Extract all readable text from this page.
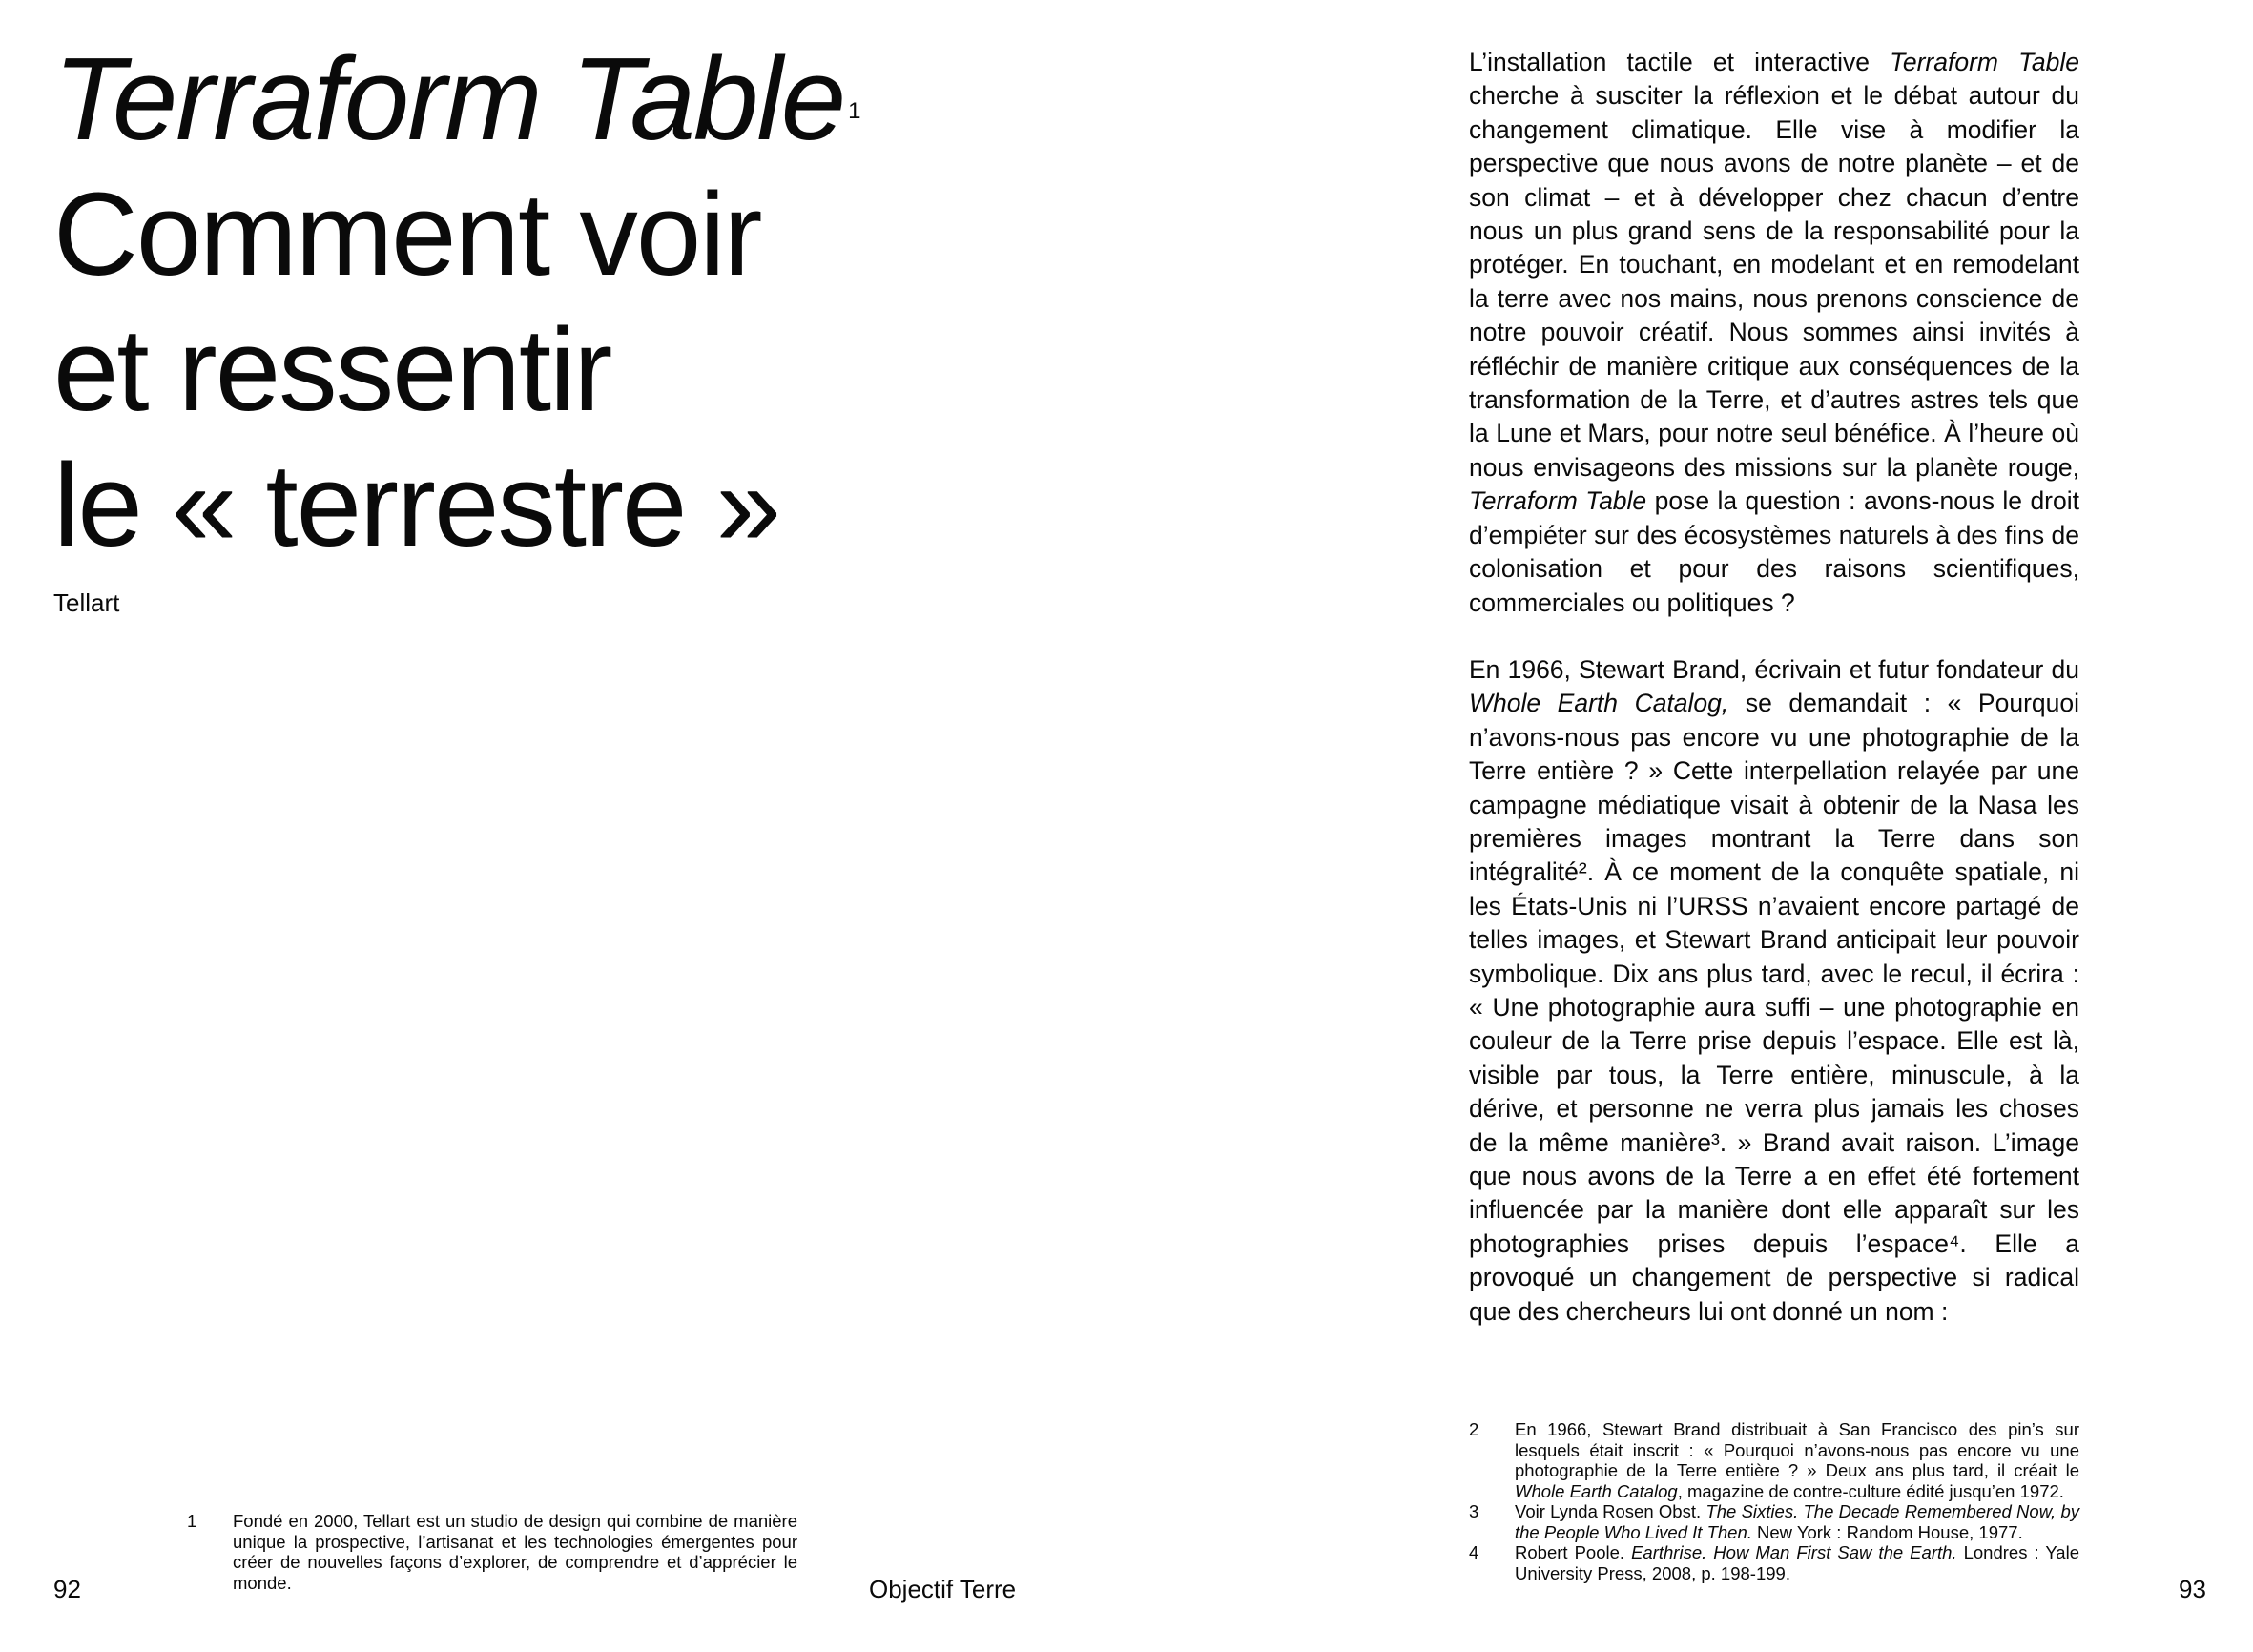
Terraform Table $^1$
Comment voir
et ressentir
le « terrestre »
Tellart
1	Fondé en 2000, Tellart est un studio de design qui combine de manière unique la prospective, l’artisanat et les technologies émergentes pour créer de nouvelles façons d’explorer, de comprendre et d’apprécier le monde.
92	Objectif Terre

L’installation tactile et interactive Terraform Table cherche à susciter la réflexion et le débat autour du changement climatique. Elle vise à modifier la perspective que nous avons de notre planète – et de son climat – et à développer chez chacun d’entre nous un plus grand sens de la responsabilité pour la protéger. En touchant, en modelant et en remodelant la terre avec nos mains, nous prenons conscience de notre pouvoir créatif. Nous sommes ainsi invités à réfléchir de manière critique aux conséquences de la transformation de la Terre, et d’autres astres tels que la Lune et Mars, pour notre seul bénéfice. À l’heure où nous envisageons des missions sur la planète rouge, Terraform Table pose la question : avons-nous le droit d’empiéter sur des écosystèmes naturels à des fins de colonisation et pour des raisons scientifiques, commerciales ou politiques ?

En 1966, Stewart Brand, écrivain et futur fondateur du Whole Earth Catalog, se demandait : « Pourquoi n’avons-nous pas encore vu une photographie de la Terre entière ? » Cette interpellation relayée par une campagne médiatique visait à obtenir de la Nasa les premières images montrant la Terre dans son intégralité². À ce moment de la conquête spatiale, ni les États-Unis ni l’URSS n’avaient encore partagé de telles images, et Stewart Brand anticipait leur pouvoir symbolique. Dix ans plus tard, avec le recul, il écrira : « Une photographie aura suffi – une photographie en couleur de la Terre prise depuis l’espace. Elle est là, visible par tous, la Terre entière, minuscule, à la dérive, et personne ne verra plus jamais les choses de la même manière³. » Brand avait raison. L’image que nous avons de la Terre a en effet été fortement influencée par la manière dont elle apparaît sur les photographies prises depuis l’espace⁴. Elle a provoqué un changement de perspective si radical que des chercheurs lui ont donné un nom :

2	En 1966, Stewart Brand distribuait à San Francisco des pin’s sur lesquels était inscrit : « Pourquoi n’avons-nous pas encore vu une photographie de la Terre entière ? » Deux ans plus tard, il créait le Whole Earth Catalog, magazine de contre-culture édité jusqu’en 1972.
3	Voir Lynda Rosen Obst. The Sixties. The Decade Remembered Now, by the People Who Lived It Then. New York : Random House, 1977.
4	Robert Poole. Earthrise. How Man First Saw the Earth. Londres : Yale University Press, 2008, p. 198-199.
93
